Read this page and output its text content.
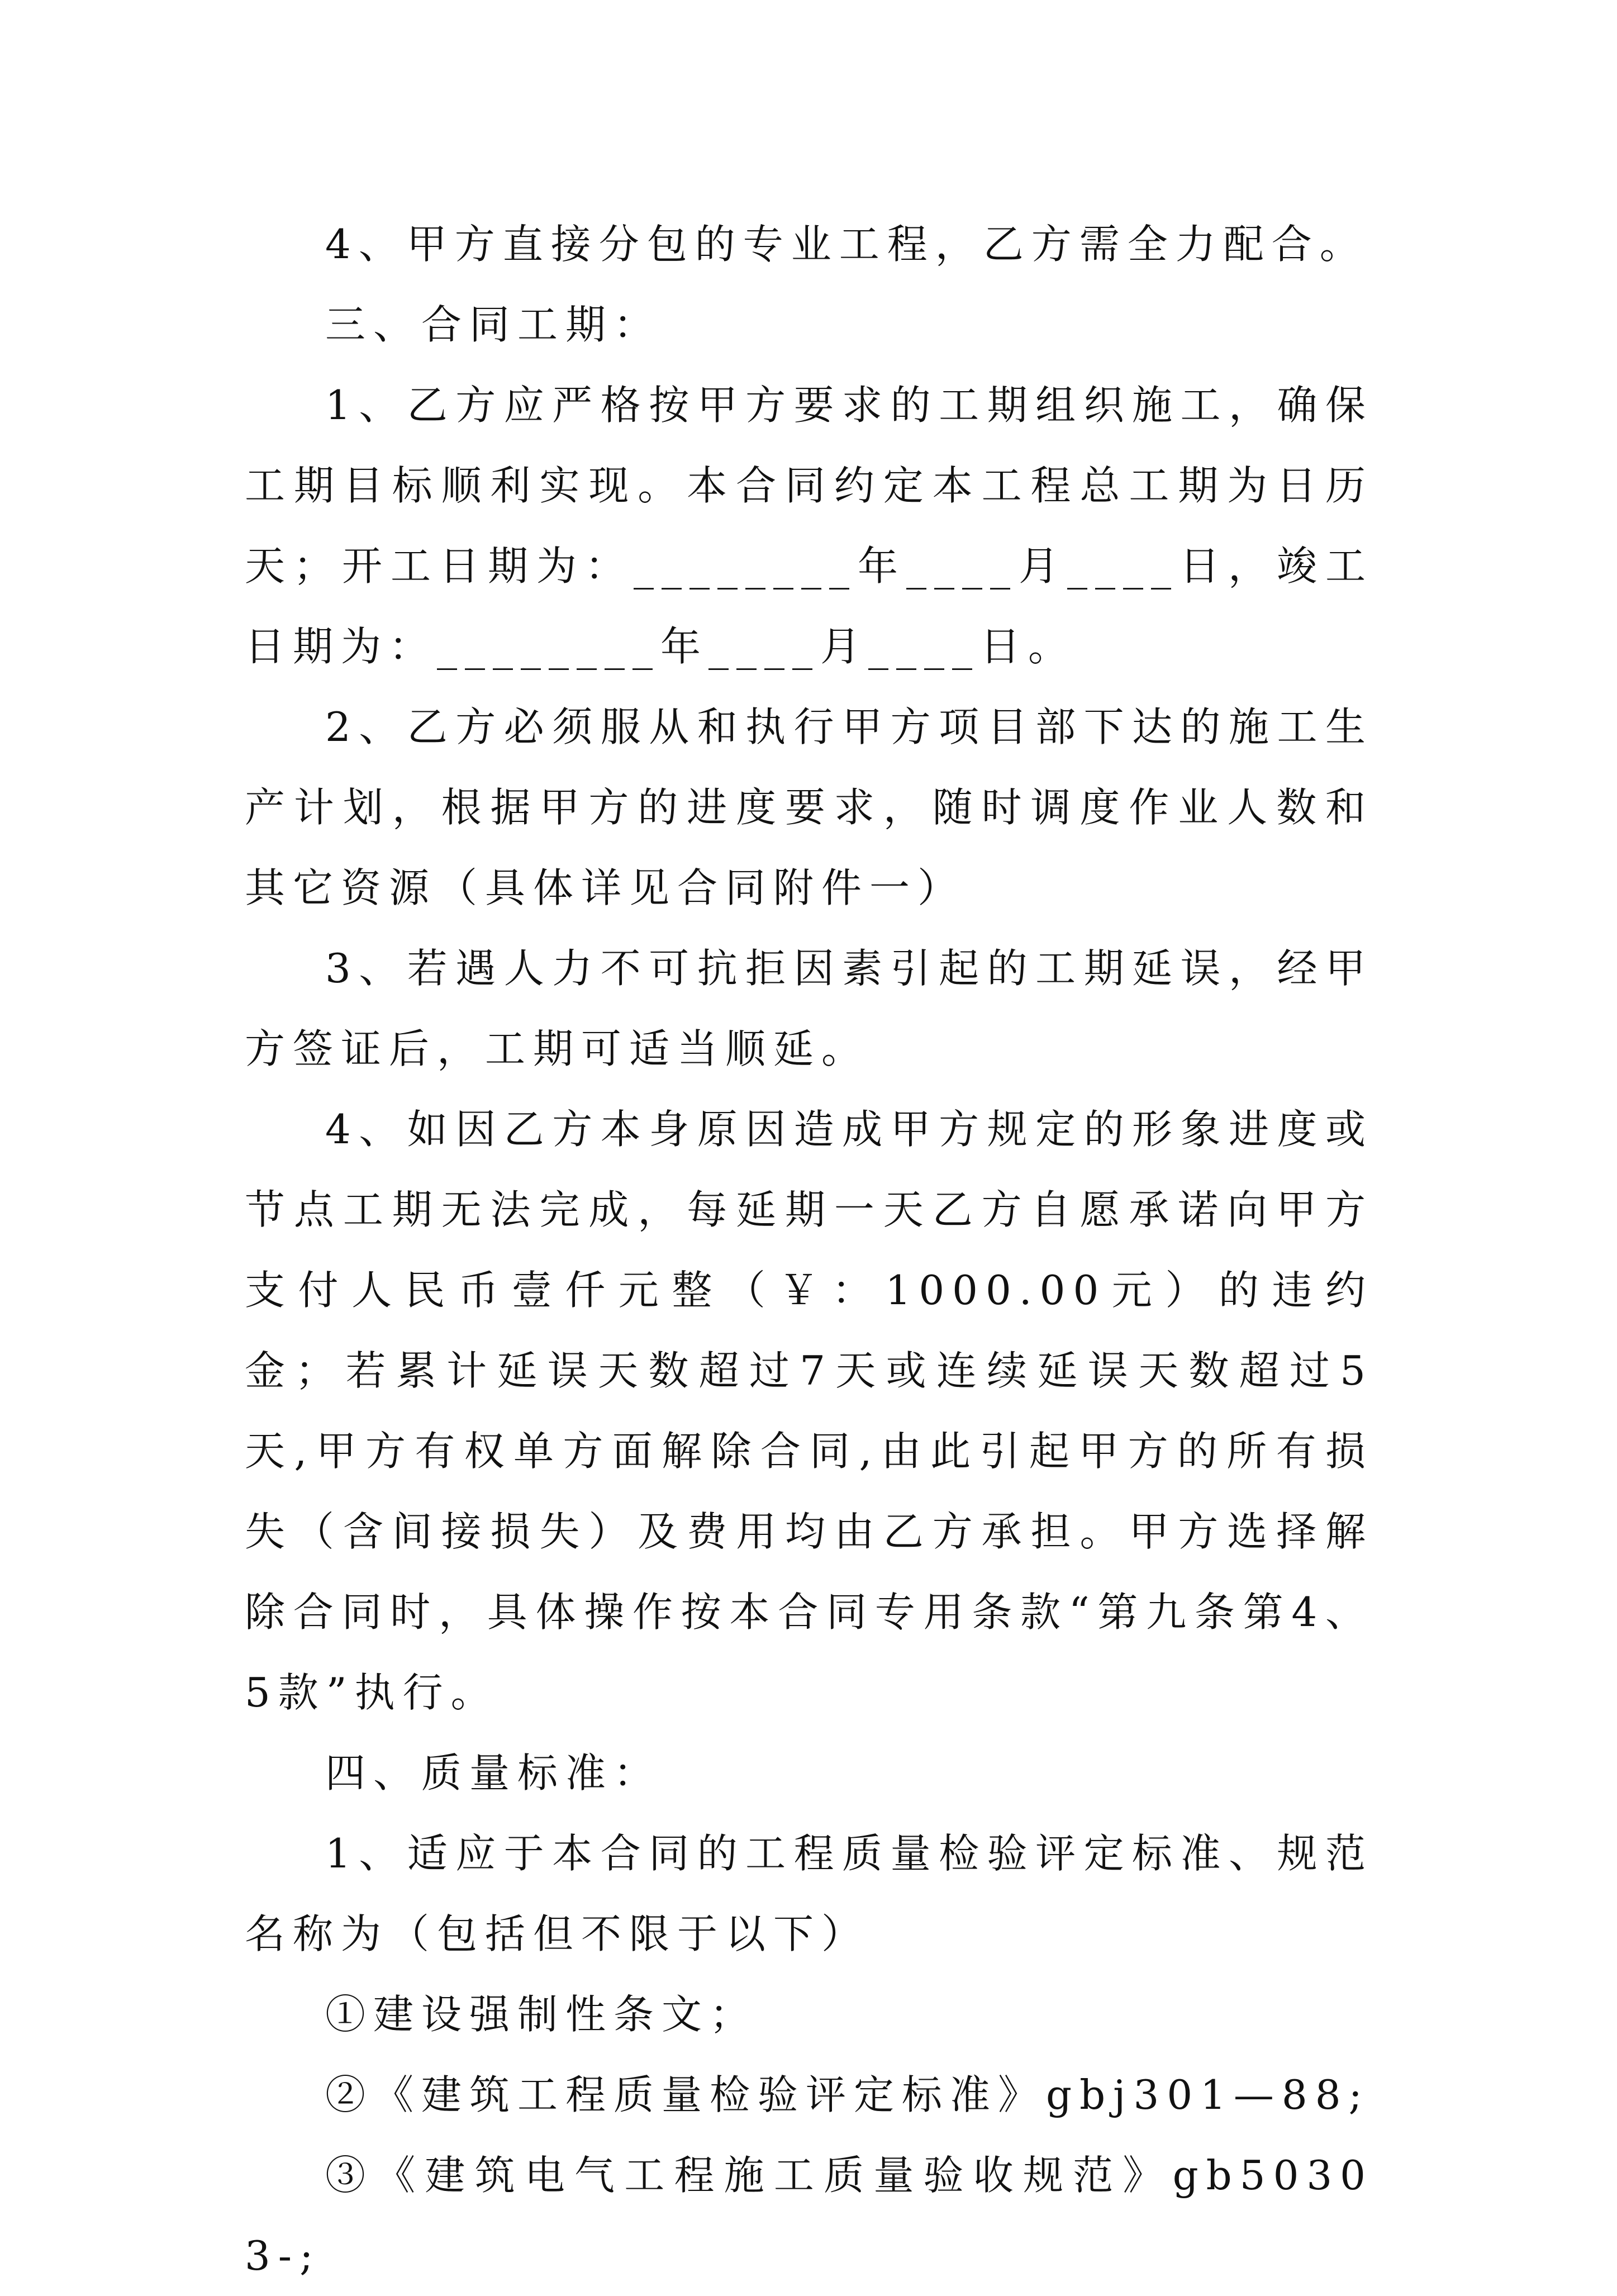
4、甲方直接分包的专业工程，乙方需全力配合。

三、合同工期：

1、乙方应严格按甲方要求的工期组织施工，确保工期目标顺利实现。本合同约定本工程总工期为日历天；开工日期为：________年____月____日，竣工日期为：________年____月____日。

2、乙方必须服从和执行甲方项目部下达的施工生产计划，根据甲方的进度要求，随时调度作业人数和其它资源（具体详见合同附件一）

3、若遇人力不可抗拒因素引起的工期延误，经甲方签证后，工期可适当顺延。

4、如因乙方本身原因造成甲方规定的形象进度或节点工期无法完成，每延期一天乙方自愿承诺向甲方支付人民币壹仟元整（￥：1000.00元）的违约金；若累计延误天数超过7天或连续延误天数超过5天,甲方有权单方面解除合同,由此引起甲方的所有损失（含间接损失）及费用均由乙方承担。甲方选择解除合同时，具体操作按本合同专用条款“第九条第4、5款”执行。

四、质量标准：

1、适应于本合同的工程质量检验评定标准、规范名称为（包括但不限于以下）

①建设强制性条文；

②《建筑工程质量检验评定标准》gbj301—88;

③《建筑电气工程施工质量验收规范》gb50303-;
